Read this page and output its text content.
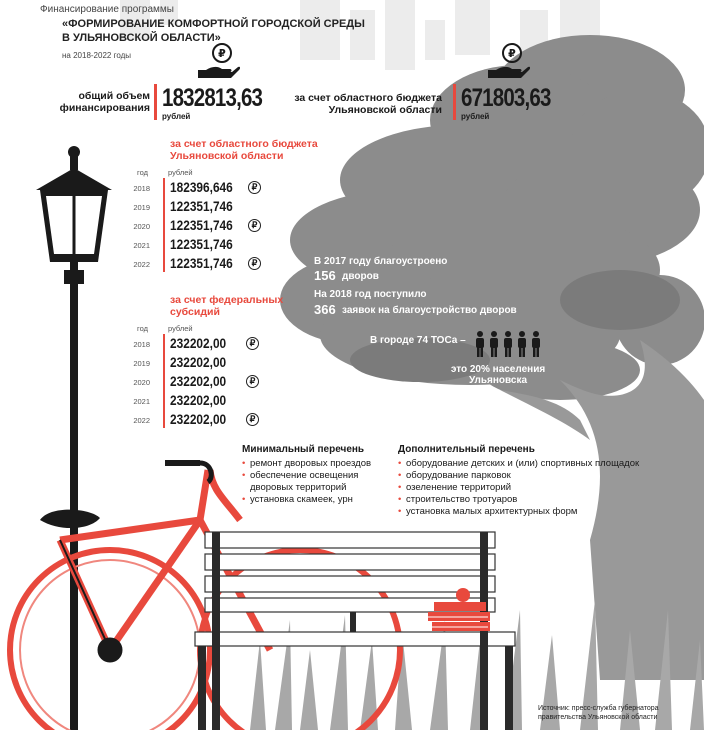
Финансирование программы
«ФОРМИРОВАНИЕ КОМФОРТНОЙ ГОРОДСКОЙ СРЕДЫ
В УЛЬЯНОВСКОЙ ОБЛАСТИ»
на 2018-2022 годы	₽	₽
общий объем
финансирования 1832813,63
рублей
за счет областного бюджета
Ульяновской области 671803,63
рублей
за счет областного бюджета
Ульяновской области
год	рублей
2018 182396,646	₽
2019 122351,746
2020 122351,746	₽
2021 122351,746
2022 122351,746	₽
за счет федеральных
субсидий
год	рублей
2018 232202,00	₽
2019 232202,00
2020 232202,00	₽
2021 232202,00
2022 232202,00	₽
В 2017 году благоустроено
156 дворов
На 2018 год поступило
366 заявок на благоустройство дворов
В городе 74 ТОСа –
это 20% населения
Ульяновска
Минимальный перечень
• ремонт дворовых проездов
• обеспечение освещения
дворовых территорий
• установка скамеек, урн
Дополнительный перечень
• оборудование детских и (или) спортивных площадок
• оборудование парковок
• озеленение территорий
• строительство тротуаров
• установка малых архитектурных форм
Источник: пресс-служба губернатора
правительства Ульяновской области
